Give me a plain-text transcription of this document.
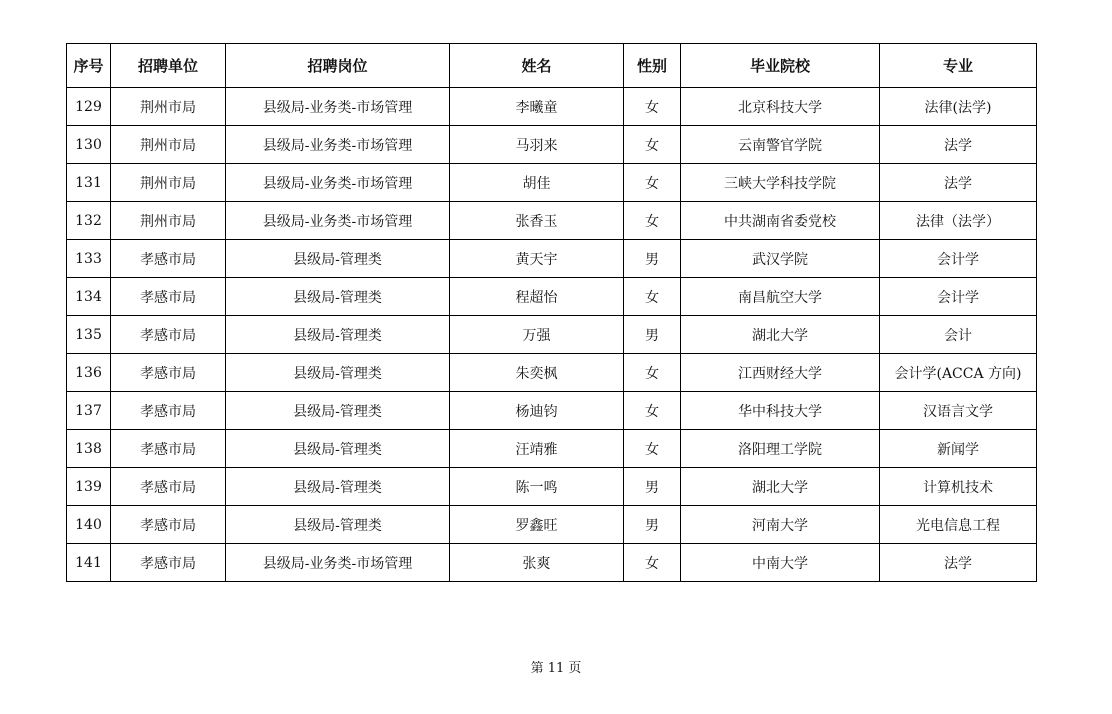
序号	招聘单位	招聘岗位	姓名	性别	毕业院校	专业
129	荆州市局	县级局-业务类-市场管理	李曦童	女	北京科技大学	法律(法学)
130	荆州市局	县级局-业务类-市场管理	马羽来	女	云南警官学院	法学
131	荆州市局	县级局-业务类-市场管理	胡佳	女	三峡大学科技学院	法学
132	荆州市局	县级局-业务类-市场管理	张香玉	女	中共湖南省委党校	法律（法学）
133	孝感市局	县级局-管理类	黄天宇	男	武汉学院	会计学
134	孝感市局	县级局-管理类	程超怡	女	南昌航空大学	会计学
135	孝感市局	县级局-管理类	万强	男	湖北大学	会计
136	孝感市局	县级局-管理类	朱奕枫	女	江西财经大学	会计学(ACCA 方向)
137	孝感市局	县级局-管理类	杨迪钧	女	华中科技大学	汉语言文学
138	孝感市局	县级局-管理类	汪靖雅	女	洛阳理工学院	新闻学
139	孝感市局	县级局-管理类	陈一鸣	男	湖北大学	计算机技术
140	孝感市局	县级局-管理类	罗鑫旺	男	河南大学	光电信息工程
141	孝感市局	县级局-业务类-市场管理	张爽	女	中南大学	法学
第 11 页
